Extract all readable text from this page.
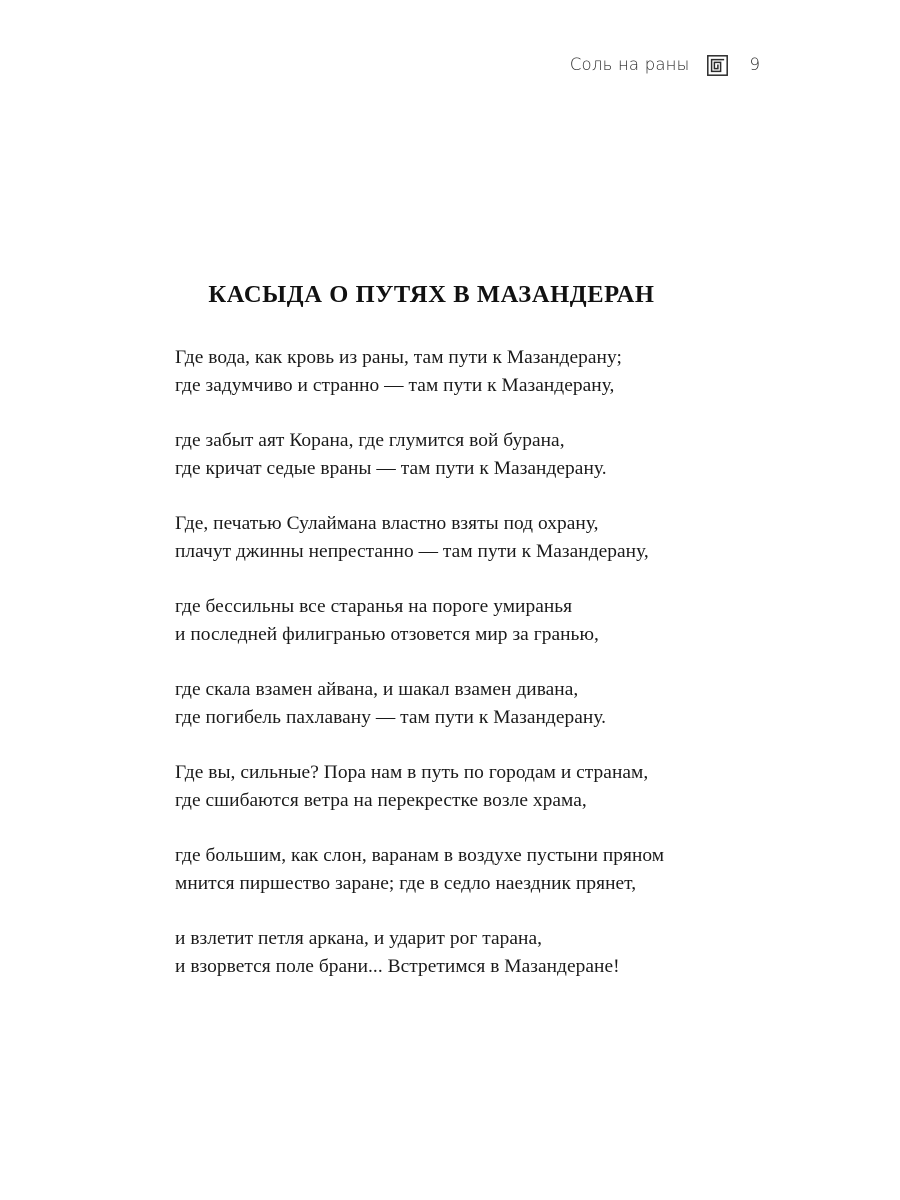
Соль на раны	9
КАСЫДА О ПУТЯХ В МАЗАНДЕРАН
Где вода, как кровь из раны, там пути к Мазандерану;
где задумчиво и странно — там пути к Мазандерану,
где забыт аят Корана, где глумится вой бурана,
где кричат седые враны — там пути к Мазандерану.
Где, печатью Сулаймана властно взяты под охрану,
плачут джинны непрестанно — там пути к Мазандерану,
где бессильны все старанья на пороге умиранья
и последней филигранью отзовется мир за гранью,
где скала взамен айвана, и шакал взамен дивана,
где погибель пахлавану — там пути к Мазандерану.
Где вы, сильные? Пора нам в путь по городам и странам,
где сшибаются ветра на перекрестке возле храма,
где большим, как слон, варанам в воздухе пустыни пряном
мнится пиршество заране; где в седло наездник прянет,
и взлетит петля аркана, и ударит рог тарана,
и взорвется поле брани... Встретимся в Мазандеране!
